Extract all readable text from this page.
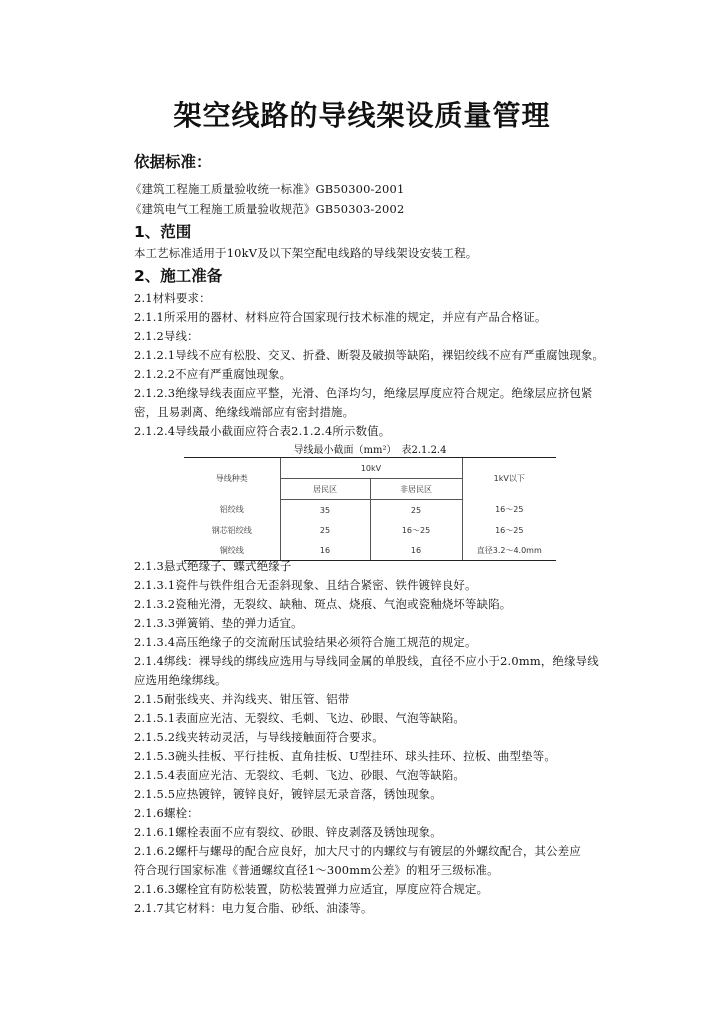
架空线路的导线架设质量管理
依据标准：
《建筑工程施工质量验收统一标准》GB50300-2001
《建筑电气工程施工质量验收规范》GB50303-2002
1、范围
本工艺标准适用于10kV及以下架空配电线路的导线架设安装工程。
2、施工准备
2.1材料要求：
2.1.1所采用的器材、材料应符合国家现行技术标准的规定，并应有产品合格证。
2.1.2导线：
2.1.2.1导线不应有松股、交叉、折叠、断裂及破损等缺陷，裸铝绞线不应有严重腐蚀现象。
2.1.2.2不应有严重腐蚀现象。
2.1.2.3绝缘导线表面应平整，光滑、色泽均匀，绝缘层厚度应符合规定。绝缘层应挤包紧
密，且易剥离、绝缘线端部应有密封措施。
2.1.2.4导线最小截面应符合表2.1.2.4所示数值。
导线最小截面（mm²）　表2.1.2.4
导线种类	10kV		1kV以下
	居民区	非居民区	
铝绞线	35	25	16～25
钢芯铝绞线	25	16～25	16～25
铜绞线	16	16	直径3.2～4.0mm
2.1.3悬式绝缘子、蝶式绝缘子
2.1.3.1瓷件与铁件组合无歪斜现象、且结合紧密、铁件镀锌良好。
2.1.3.2瓷釉光滑，无裂纹、缺釉、斑点、烧痕、气泡或瓷釉烧坏等缺陷。
2.1.3.3弹簧销、垫的弹力适宜。
2.1.3.4高压绝缘子的交流耐压试验结果必须符合施工规范的规定。
2.1.4绑线：裸导线的绑线应选用与导线同金属的单股线，直径不应小于2.0mm，绝缘导线
应选用绝缘绑线。
2.1.5耐张线夹、并沟线夹、钳压管、铝带
2.1.5.1表面应光洁、无裂纹、毛刺、飞边、砂眼、气泡等缺陷。
2.1.5.2线夹转动灵活，与导线接触面符合要求。
2.1.5.3碗头挂板、平行挂板、直角挂板、U型挂环、球头挂环、拉板、曲型垫等。
2.1.5.4表面应光洁、无裂纹、毛刺、飞边、砂眼、气泡等缺陷。
2.1.5.5应热镀锌，镀锌良好，镀锌层无录音落，锈蚀现象。
2.1.6螺栓：
2.1.6.1螺栓表面不应有裂纹、砂眼、锌皮剥落及锈蚀现象。
2.1.6.2螺杆与螺母的配合应良好，加大尺寸的内螺纹与有镀层的外螺纹配合，其公差应
符合现行国家标准《普通螺纹直径1～300mm公差》的粗牙三级标准。
2.1.6.3螺栓宜有防松装置，防松装置弹力应适宜，厚度应符合规定。
2.1.7其它材料：电力复合脂、砂纸、油漆等。
